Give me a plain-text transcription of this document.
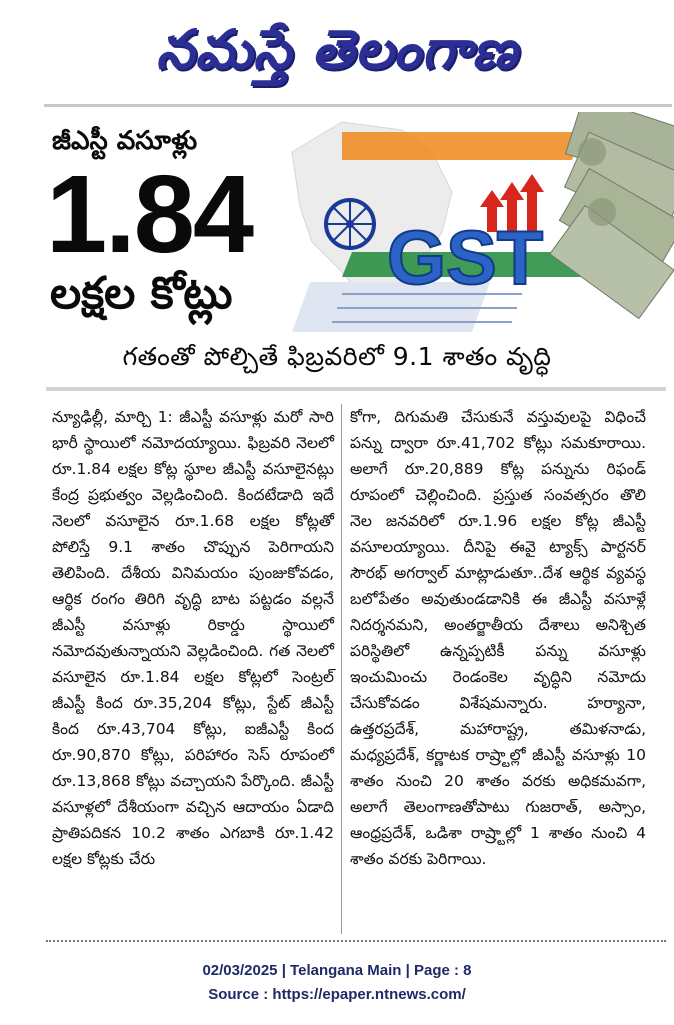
నమస్తే తెలంగాణ
జీఎస్టీ వసూళ్లు
1.84
లక్షల కోట్లు GST
గతంతో పోల్చితే ఫిబ్రవరిలో 9.1 శాతం వృద్ధి
న్యూఢిల్లీ, మార్చి 1: జీఎస్టీ వసూళ్లు మరో సారి భారీ స్థాయిలో నమోదయ్యాయి. ఫిబ్రవరి నెలలో రూ.1.84 లక్షల కోట్ల స్థూల జీఎస్టీ వసూలైనట్లు కేంద్ర ప్రభుత్వం వెల్లడించింది. కిందటేడాది ఇదే నెలలో వసూలైన రూ.1.68 లక్షల కోట్లతో పోలిస్తే 9.1 శాతం చొప్పున పెరిగాయని తెలిపింది. దేశీయ వినిమయం పుంజుకోవడం, ఆర్థిక రంగం తిరిగి వృద్ధి బాట పట్టడం వల్లనే జీఎస్టీ వసూళ్లు రికార్డు స్థాయిలో నమోదవుతున్నాయని వెల్లడించింది. గత నెలలో వసూలైన రూ.1.84 లక్షల కోట్లలో సెంట్రల్ జీఎస్టీ కింద రూ.35,204 కోట్లు, స్టేట్ జీఎస్టీ కింద రూ.43,704 కోట్లు, ఐజీఎస్టీ కింద రూ.90,870 కోట్లు, పరిహారం సెస్ రూపంలో రూ.13,868 కోట్లు వచ్చాయని పేర్కొంది. జీఎస్టీ వసూళ్లలో దేశీయంగా వచ్చిన ఆదాయం ఏడాది ప్రాతిపదికన 10.2 శాతం ఎగబాకి రూ.1.42 లక్షల కోట్లకు చేరు
కోగా, దిగుమతి చేసుకునే వస్తువులపై విధించే పన్ను ద్వారా రూ.41,702 కోట్లు సమకూరాయి. అలాగే రూ.20,889 కోట్ల పన్నును రిఫండ్ రూపంలో చెల్లించింది. ప్రస్తుత సంవత్సరం తొలి నెల జనవరిలో రూ.1.96 లక్షల కోట్ల జీఎస్టీ వసూలయ్యాయి. దీనిపై ఈవై ట్యాక్స్ పార్టనర్ సౌరభ్ అగర్వాల్ మాట్లాడుతూ..దేశ ఆర్థిక వ్యవస్థ బలోపేతం అవుతుండడానికి ఈ జీఎస్టీ వసూళ్లే నిదర్శనమని, అంతర్జాతీయ దేశాలు అనిశ్చిత పరిస్థితిలో ఉన్నప్పటికీ పన్ను వసూళ్లు ఇంచుమించు రెండంకెల వృద్ధిని నమోదు చేసుకోవడం విశేషమన్నారు. హర్యానా, ఉత్తరప్రదేశ్, మహారాష్ట్ర, తమిళనాడు, మధ్యప్రదేశ్, కర్ణాటక రాష్ర్టాల్లో జీఎస్టీ వసూళ్లు 10 శాతం నుంచి 20 శాతం వరకు అధికమవగా, అలాగే తెలంగాణతోపాటు గుజరాత్, అస్సాం, ఆంధ్రప్రదేశ్, ఒడిశా రాష్ర్టాల్లో 1 శాతం నుంచి 4 శాతం వరకు పెరిగాయి.
02/03/2025 | Telangana Main | Page : 8
Source : https://epaper.ntnews.com/
